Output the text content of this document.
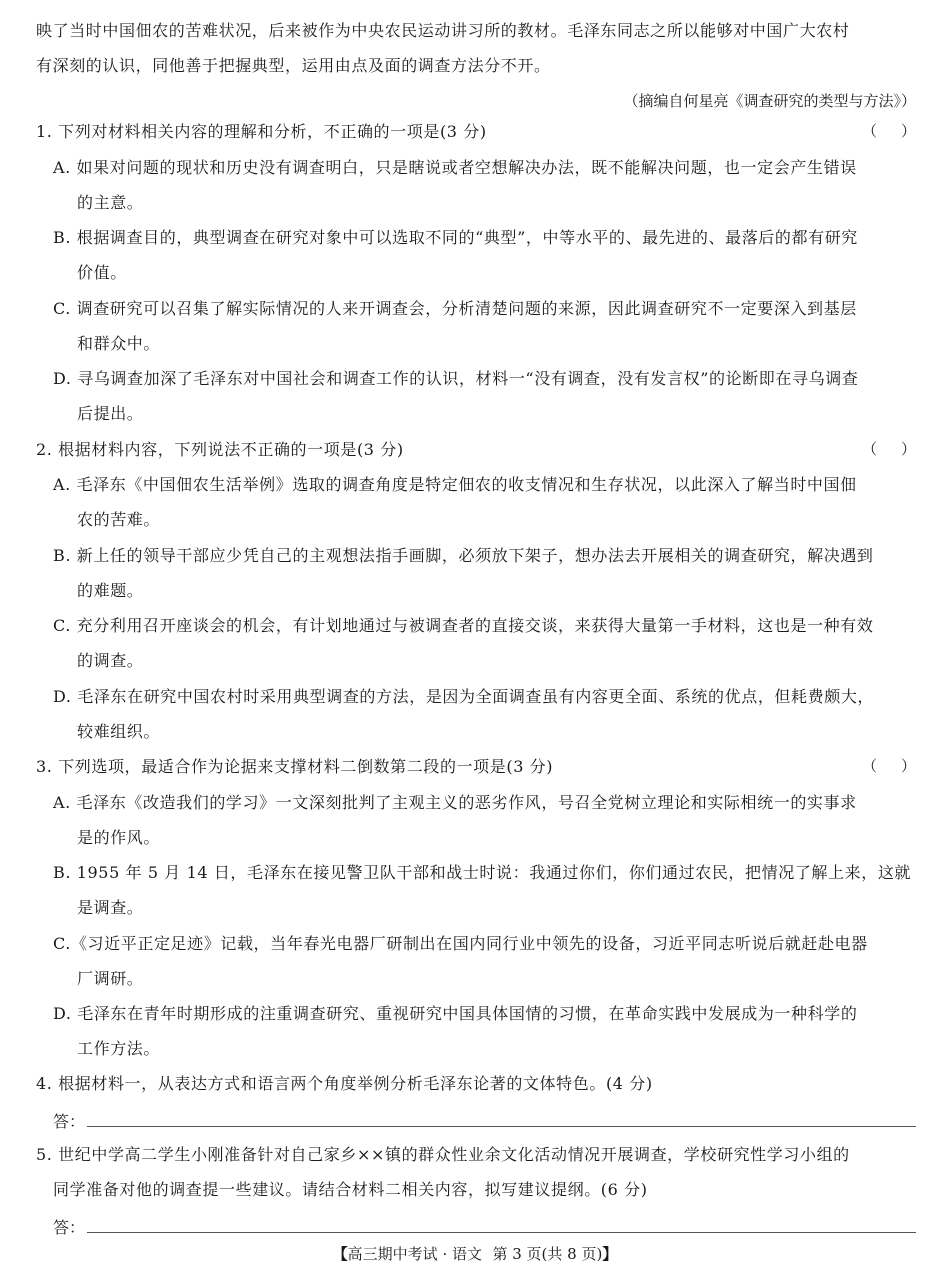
映了当时中国佃农的苦难状况，后来被作为中央农民运动讲习所的教材。毛泽东同志之所以能够对中国广大农村
有深刻的认识，同他善于把握典型，运用由点及面的调查方法分不开。
（摘编自何星亮《调查研究的类型与方法》）
1. 下列对材料相关内容的理解和分析，不正确的一项是(3 分)	（ ）
A. 如果对问题的现状和历史没有调查明白，只是瞎说或者空想解决办法，既不能解决问题，也一定会产生错误
的主意。
B. 根据调查目的，典型调查在研究对象中可以选取不同的“典型”，中等水平的、最先进的、最落后的都有研究
价值。
C. 调查研究可以召集了解实际情况的人来开调查会，分析清楚问题的来源，因此调查研究不一定要深入到基层
和群众中。
D. 寻乌调查加深了毛泽东对中国社会和调查工作的认识，材料一“没有调查，没有发言权”的论断即在寻乌调查
后提出。
2. 根据材料内容，下列说法不正确的一项是(3 分)	（ ）
A. 毛泽东《中国佃农生活举例》选取的调查角度是特定佃农的收支情况和生存状况，以此深入了解当时中国佃
农的苦难。
B. 新上任的领导干部应少凭自己的主观想法指手画脚，必须放下架子，想办法去开展相关的调查研究，解决遇到
的难题。
C. 充分利用召开座谈会的机会，有计划地通过与被调查者的直接交谈，来获得大量第一手材料，这也是一种有效
的调查。
D. 毛泽东在研究中国农村时采用典型调查的方法，是因为全面调查虽有内容更全面、系统的优点，但耗费颇大，
较难组织。
3. 下列选项，最适合作为论据来支撑材料二倒数第二段的一项是(3 分)	（ ）
A. 毛泽东《改造我们的学习》一文深刻批判了主观主义的恶劣作风，号召全党树立理论和实际相统一的实事求
是的作风。
B. 1955 年 5 月 14 日，毛泽东在接见警卫队干部和战士时说：我通过你们，你们通过农民，把情况了解上来，这就
是调查。
C.《习近平正定足迹》记载，当年春光电器厂研制出在国内同行业中领先的设备，习近平同志听说后就赶赴电器
厂调研。
D. 毛泽东在青年时期形成的注重调查研究、重视研究中国具体国情的习惯，在革命实践中发展成为一种科学的
工作方法。
4. 根据材料一，从表达方式和语言两个角度举例分析毛泽东论著的文体特色。(4 分)
答：
5. 世纪中学高二学生小刚准备针对自己家乡××镇的群众性业余文化活动情况开展调查，学校研究性学习小组的
同学准备对他的调查提一些建议。请结合材料二相关内容，拟写建议提纲。(6 分)
答：
【高三期中考试 · 语文 第 3 页(共 8 页)】
